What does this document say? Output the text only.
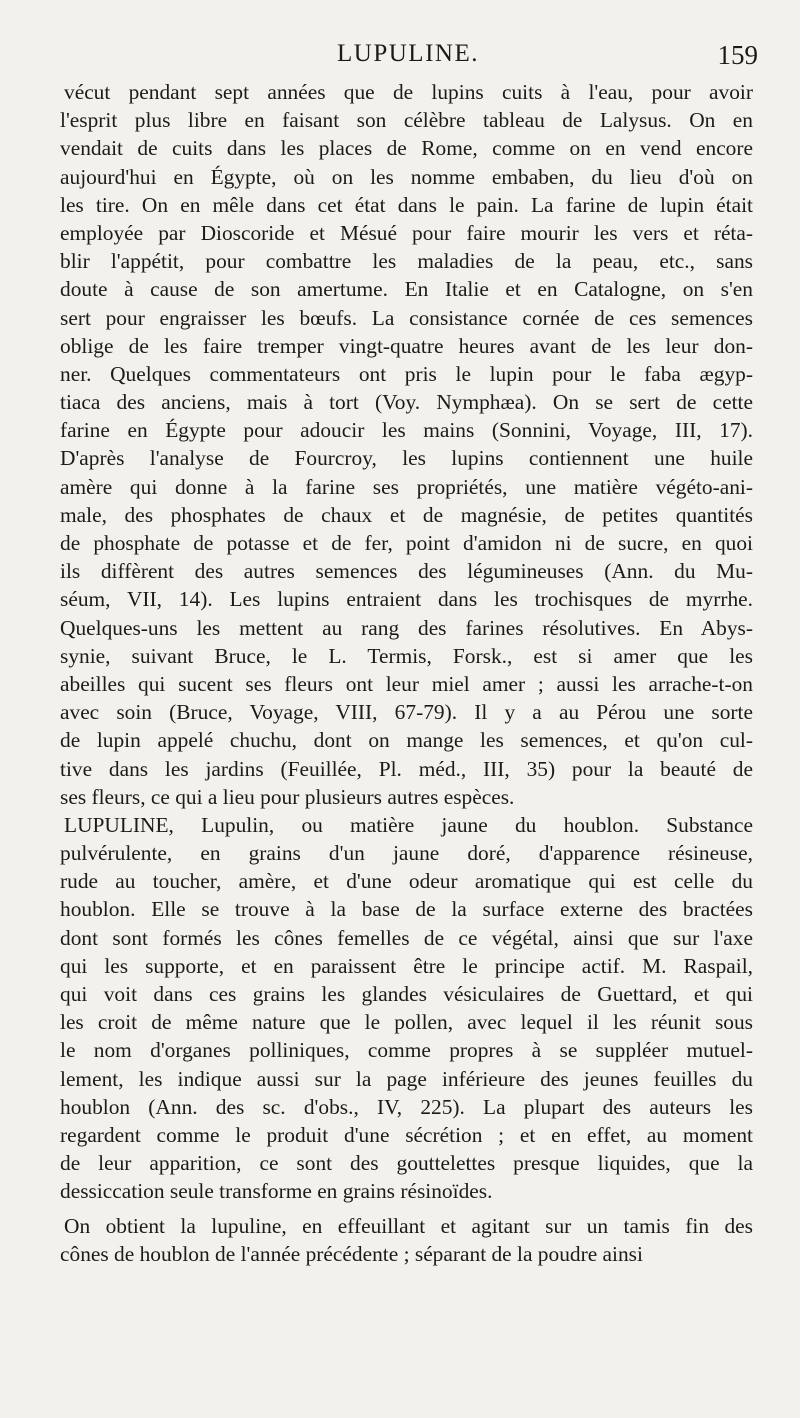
LUPULINE.	159
vécut pendant sept années que de lupins cuits à l'eau, pour avoir
l'esprit plus libre en faisant son célèbre tableau de Lalysus. On en
vendait de cuits dans les places de Rome, comme on en vend encore
aujourd'hui en Égypte, où on les nomme embaben, du lieu d'où on
les tire. On en mêle dans cet état dans le pain. La farine de lupin était
employée par Dioscoride et Mésué pour faire mourir les vers et réta-
blir l'appétit, pour combattre les maladies de la peau, etc., sans
doute à cause de son amertume. En Italie et en Catalogne, on s'en
sert pour engraisser les bœufs. La consistance cornée de ces semences
oblige de les faire tremper vingt-quatre heures avant de les leur don-
ner. Quelques commentateurs ont pris le lupin pour le faba ægyp-
tiaca des anciens, mais à tort (Voy. Nymphæa). On se sert de cette
farine en Égypte pour adoucir les mains (Sonnini, Voyage, III, 17).
D'après l'analyse de Fourcroy, les lupins contiennent une huile
amère qui donne à la farine ses propriétés, une matière végéto-ani-
male, des phosphates de chaux et de magnésie, de petites quantités
de phosphate de potasse et de fer, point d'amidon ni de sucre, en quoi
ils diffèrent des autres semences des légumineuses (Ann. du Mu-
séum, VII, 14). Les lupins entraient dans les trochisques de myrrhe.
Quelques-uns les mettent au rang des farines résolutives. En Abys-
synie, suivant Bruce, le L. Termis, Forsk., est si amer que les
abeilles qui sucent ses fleurs ont leur miel amer ; aussi les arrache-t-on
avec soin (Bruce, Voyage, VIII, 67-79). Il y a au Pérou une sorte
de lupin appelé chuchu, dont on mange les semences, et qu'on cul-
tive dans les jardins (Feuillée, Pl. méd., III, 35) pour la beauté de
ses fleurs, ce qui a lieu pour plusieurs autres espèces.
LUPULINE, Lupulin, ou matière jaune du houblon. Substance
pulvérulente, en grains d'un jaune doré, d'apparence résineuse,
rude au toucher, amère, et d'une odeur aromatique qui est celle du
houblon. Elle se trouve à la base de la surface externe des bractées
dont sont formés les cônes femelles de ce végétal, ainsi que sur l'axe
qui les supporte, et en paraissent être le principe actif. M. Raspail,
qui voit dans ces grains les glandes vésiculaires de Guettard, et qui
les croit de même nature que le pollen, avec lequel il les réunit sous
le nom d'organes polliniques, comme propres à se suppléer mutuel-
lement, les indique aussi sur la page inférieure des jeunes feuilles du
houblon (Ann. des sc. d'obs., IV, 225). La plupart des auteurs les
regardent comme le produit d'une sécrétion ; et en effet, au moment
de leur apparition, ce sont des gouttelettes presque liquides, que la
dessiccation seule transforme en grains résinoïdes.
On obtient la lupuline, en effeuillant et agitant sur un tamis fin des
cônes de houblon de l'année précédente ; séparant de la poudre ainsi
